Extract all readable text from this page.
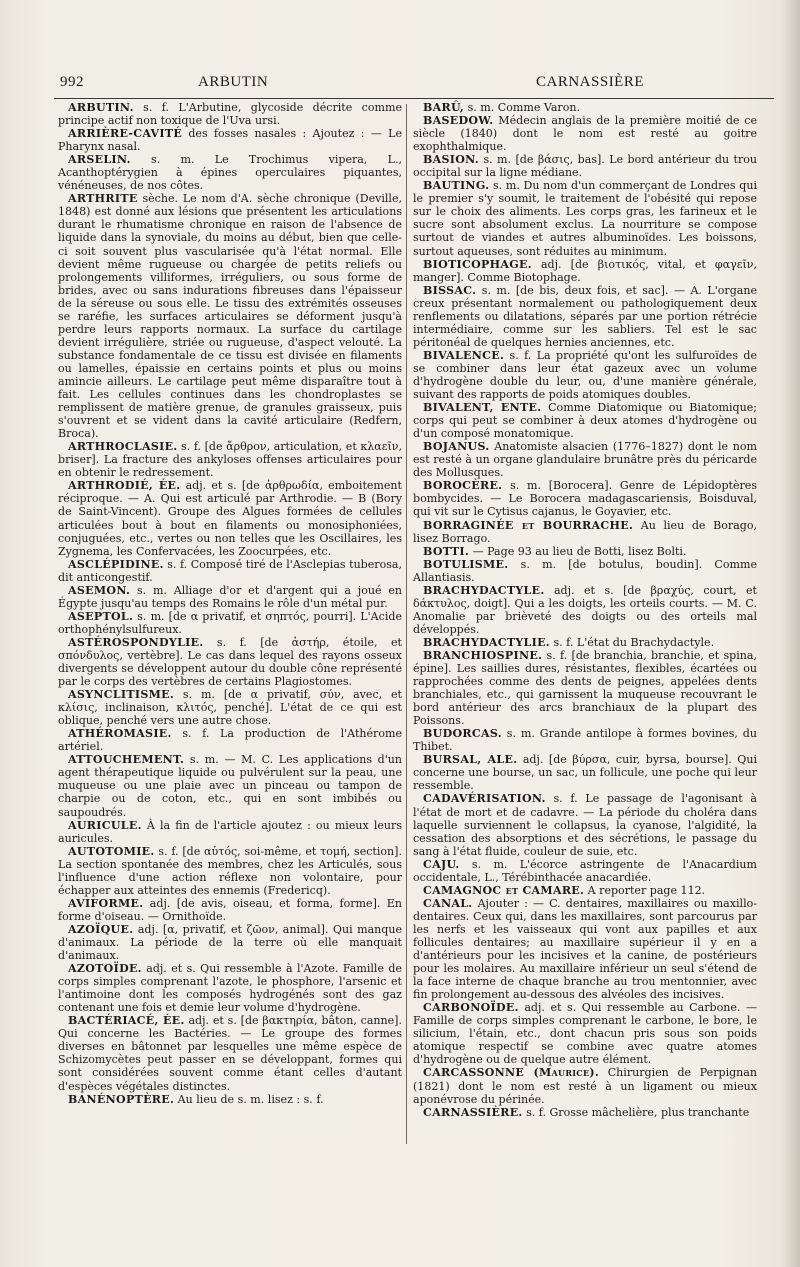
992	ARBUTIN	CARNASSIÈRE

ARBUTIN. s. f. L'Arbutine, glycoside décrite comme principe actif non toxique de l'Uva ursi.

ARRIÈRE-CAVITÉ des fosses nasales : Ajoutez : — Le Pharynx nasal.

ARSELIN. s. m. Le Trochimus vipera, L., Acanthoptérygien à épines operculaires piquantes, vénéneuses, de nos côtes.

ARTHRITE sèche. Le nom d'A. sèche chronique (Deville, 1848) est donné aux lésions que présentent les articulations durant le rhumatisme chronique en raison de l'absence de liquide dans la synoviale, du moins au début, bien que celle-ci soit souvent plus vascularisée qu'à l'état normal. Elle devient même rugueuse ou chargée de petits reliefs ou prolongements villiformes, irréguliers, ou sous forme de brides, avec ou sans indurations fibreuses dans l'épaisseur de la séreuse ou sous elle. Le tissu des extrémités osseuses se raréfie, les surfaces articulaires se déforment jusqu'à perdre leurs rapports normaux. La surface du cartilage devient irrégulière, striée ou rugueuse, d'aspect velouté. La substance fondamentale de ce tissu est divisée en filaments ou lamelles, épaissie en certains points et plus ou moins amincie ailleurs. Le cartilage peut même disparaître tout à fait. Les cellules continues dans les chondroplastes se remplissent de matière grenue, de granules graisseux, puis s'ouvrent et se vident dans la cavité articulaire (Redfern, Broca).

ARTHROCLASIE. s. f. [de ἄρθρον, articulation, et κλαεῖν, briser]. La fracture des ankyloses offenses articulaires pour en obtenir le redressement.

ARTHRODIÉ, ÉE. adj. et s. [de ἀρθρωδία, emboitement réciproque. — A. Qui est articulé par Arthrodie. — B (Bory de Saint-Vincent). Groupe des Algues formées de cellules articulées bout à bout en filaments ou monosiphoniées, conjuguées, etc., vertes ou non telles que les Oscillaires, les Zygnema, les Confervacées, les Zoocurpées, etc.

ASCLÉPIDINE. s. f. Composé tiré de l'Asclepias tuberosa, dit anticongestif.

ASEMON. s. m. Alliage d'or et d'argent qui a joué en Égypte jusqu'au temps des Romains le rôle d'un métal pur.

ASEPTOL. s. m. [de α privatif, et σηπτός, pourri]. L'Acide orthophénylsulfureux.

ASTÉROSPONDYLIE. s. f. [de ἀστήρ, étoile, et σπόνδυλος, vertèbre]. Le cas dans lequel des rayons osseux divergents se développent autour du double cône représenté par le corps des vertèbres de certains Plagiostomes.

ASYNCLITISME. s. m. [de α privatif, σύν, avec, et κλίσις, inclinaison, κλιτός, penché]. L'état de ce qui est oblique, penché vers une autre chose.

ATHÉROMASIE. s. f. La production de l'Athérome artériel.

ATTOUCHEMENT. s. m. — M. C. Les applications d'un agent thérapeutique liquide ou pulvérulent sur la peau, une muqueuse ou une plaie avec un pinceau ou tampon de charpie ou de coton, etc., qui en sont imbibés ou saupoudrés.

AURICULE. À la fin de l'article ajoutez : ou mieux leurs auricules.

AUTOTOMIE. s. f. [de αὐτός, soi-même, et τομή, section]. La section spontanée des membres, chez les Articulés, sous l'influence d'une action réflexe non volontaire, pour échapper aux atteintes des ennemis (Fredericq).

AVIFORME. adj. [de avis, oiseau, et forma, forme]. En forme d'oiseau. — Ornithoïde.

AZOÏQUE. adj. [α, privatif, et ζῶον, animal]. Qui manque d'animaux. La période de la terre où elle manquait d'animaux.

AZOTOÏDE. adj. et s. Qui ressemble à l'Azote. Famille de corps simples comprenant l'azote, le phosphore, l'arsenic et l'antimoine dont les composés hydrogénés sont des gaz contenant une fois et demie leur volume d'hydrogène.

BACTÉRIACÉ, ÉE. adj. et s. [de βακτηρία, bâton, canne]. Qui concerne les Bactéries. — Le groupe des formes diverses en bâtonnet par lesquelles une même espèce de Schizomycètes peut passer en se développant, formes qui sont considérées souvent comme étant celles d'autant d'espèces végétales distinctes.

BANÉNOPTÈRE. Au lieu de s. m. lisez : s. f.

BARÛ, s. m. Comme Varon.

BASEDOW. Médecin anglais de la première moitié de ce siècle (1840) dont le nom est resté au goitre exophthalmique.

BASION. s. m. [de βάσις, bas]. Le bord antérieur du trou occipital sur la ligne médiane.

BAUTING. s. m. Du nom d'un commerçant de Londres qui le premier s'y soumit, le traitement de l'obésité qui repose sur le choix des aliments. Les corps gras, les farineux et le sucre sont absolument exclus. La nourriture se compose surtout de viandes et autres albuminoïdes. Les boissons, surtout aqueuses, sont réduites au minimum.

BIOTICOPHAGE. adj. [de βιοτικός, vital, et φαγεῖν, manger]. Comme Biotophage.

BISSAC. s. m. [de bis, deux fois, et sac]. — A. L'organe creux présentant normalement ou pathologiquement deux renflements ou dilatations, séparés par une portion rétrécie intermédiaire, comme sur les sabliers. Tel est le sac péritonéal de quelques hernies anciennes, etc.

BIVALENCE. s. f. La propriété qu'ont les sulfuroïdes de se combiner dans leur état gazeux avec un volume d'hydrogène double du leur, ou, d'une manière générale, suivant des rapports de poids atomiques doubles.

BIVALENT, ENTE. Comme Diatomique ou Biatomique; corps qui peut se combiner à deux atomes d'hydrogène ou d'un composé monatomique.

BOJANUS. Anatomiste alsacien (1776–1827) dont le nom est resté à un organe glandulaire brunâtre près du péricarde des Mollusques.

BOROCÈRE. s. m. [Borocera]. Genre de Lépidoptères bombycides. — Le Borocera madagascariensis, Boisduval, qui vit sur le Cytisus cajanus, le Goyavier, etc.

BORRAGINÉE et BOURRACHE. Au lieu de Borago, lisez Borrago.

BOTTI. — Page 93 au lieu de Botti, lisez Bolti.

BOTULISME. s. m. [de botulus, boudin]. Comme Allantiasis.

BRACHYDACTYLE. adj. et s. [de βραχύς, court, et δάκτυλος, doigt]. Qui a les doigts, les orteils courts. — M. C. Anomalie par brièveté des doigts ou des orteils mal développés.

BRACHYDACTYLIE. s. f. L'état du Brachydactyle.

BRANCHIOSPINE. s. f. [de branchia, branchie, et spina, épine]. Les saillies dures, résistantes, flexibles, écartées ou rapprochées comme des dents de peignes, appelées dents branchiales, etc., qui garnissent la muqueuse recouvrant le bord antérieur des arcs branchiaux de la plupart des Poissons.

BUDORCAS. s. m. Grande antilope à formes bovines, du Thibet.

BURSAL, ALE. adj. [de βύρσα, cuir, byrsa, bourse]. Qui concerne une bourse, un sac, un follicule, une poche qui leur ressemble.

CADAVÉRISATION. s. f. Le passage de l'agonisant à l'état de mort et de cadavre. — La période du choléra dans laquelle surviennent le collapsus, la cyanose, l'algidité, la cessation des absorptions et des sécrétions, le passage du sang à l'état fluide, couleur de suie, etc.

CAJU. s. m. L'écorce astringente de l'Anacardium occidentale, L., Térébinthacée anacardiée.

CAMAGNOC et CAMARE. A reporter page 112.

CANAL. Ajouter : — C. dentaires, maxillaires ou maxillo-dentaires. Ceux qui, dans les maxillaires, sont parcourus par les nerfs et les vaisseaux qui vont aux papilles et aux follicules dentaires; au maxillaire supérieur il y en a d'antérieurs pour les incisives et la canine, de postérieurs pour les molaires. Au maxillaire inférieur un seul s'étend de la face interne de chaque branche au trou mentonnier, avec fin prolongement au-dessous des alvéoles des incisives.

CARBONOÏDE. adj. et s. Qui ressemble au Carbone. — Famille de corps simples comprenant le carbone, le bore, le silicium, l'étain, etc., dont chacun pris sous son poids atomique respectif se combine avec quatre atomes d'hydrogène ou de quelque autre élément.

CARCASSONNE (Maurice). Chirurgien de Perpignan (1821) dont le nom est resté à un ligament ou mieux aponévrose du périnée.

CARNASSIÈRE. s. f. Grosse mâchelière, plus tranchante
